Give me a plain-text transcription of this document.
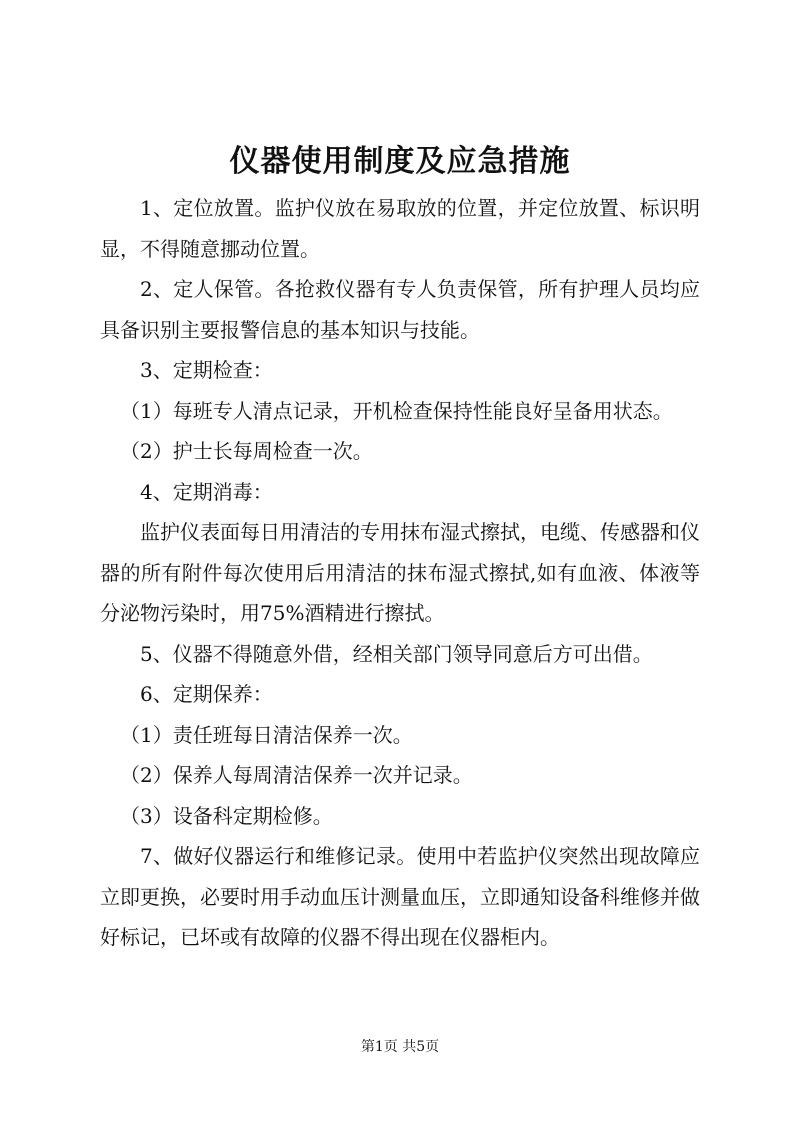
仪器使用制度及应急措施

1、定位放置。监护仪放在易取放的位置，并定位放置、标识明显，不得随意挪动位置。

2、定人保管。各抢救仪器有专人负责保管，所有护理人员均应具备识别主要报警信息的基本知识与技能。

3、定期检查：

（1）每班专人清点记录，开机检查保持性能良好呈备用状态。

（2）护士长每周检查一次。

4、定期消毒：

监护仪表面每日用清洁的专用抹布湿式擦拭，电缆、传感器和仪器的所有附件每次使用后用清洁的抹布湿式擦拭,如有血液、体液等分泌物污染时，用75%酒精进行擦拭。

5、仪器不得随意外借，经相关部门领导同意后方可出借。

6、定期保养：

（1）责任班每日清洁保养一次。

（2）保养人每周清洁保养一次并记录。

（3）设备科定期检修。

7、做好仪器运行和维修记录。使用中若监护仪突然出现故障应立即更换，必要时用手动血压计测量血压，立即通知设备科维修并做好标记，已坏或有故障的仪器不得出现在仪器柜内。

第1页 共5页
